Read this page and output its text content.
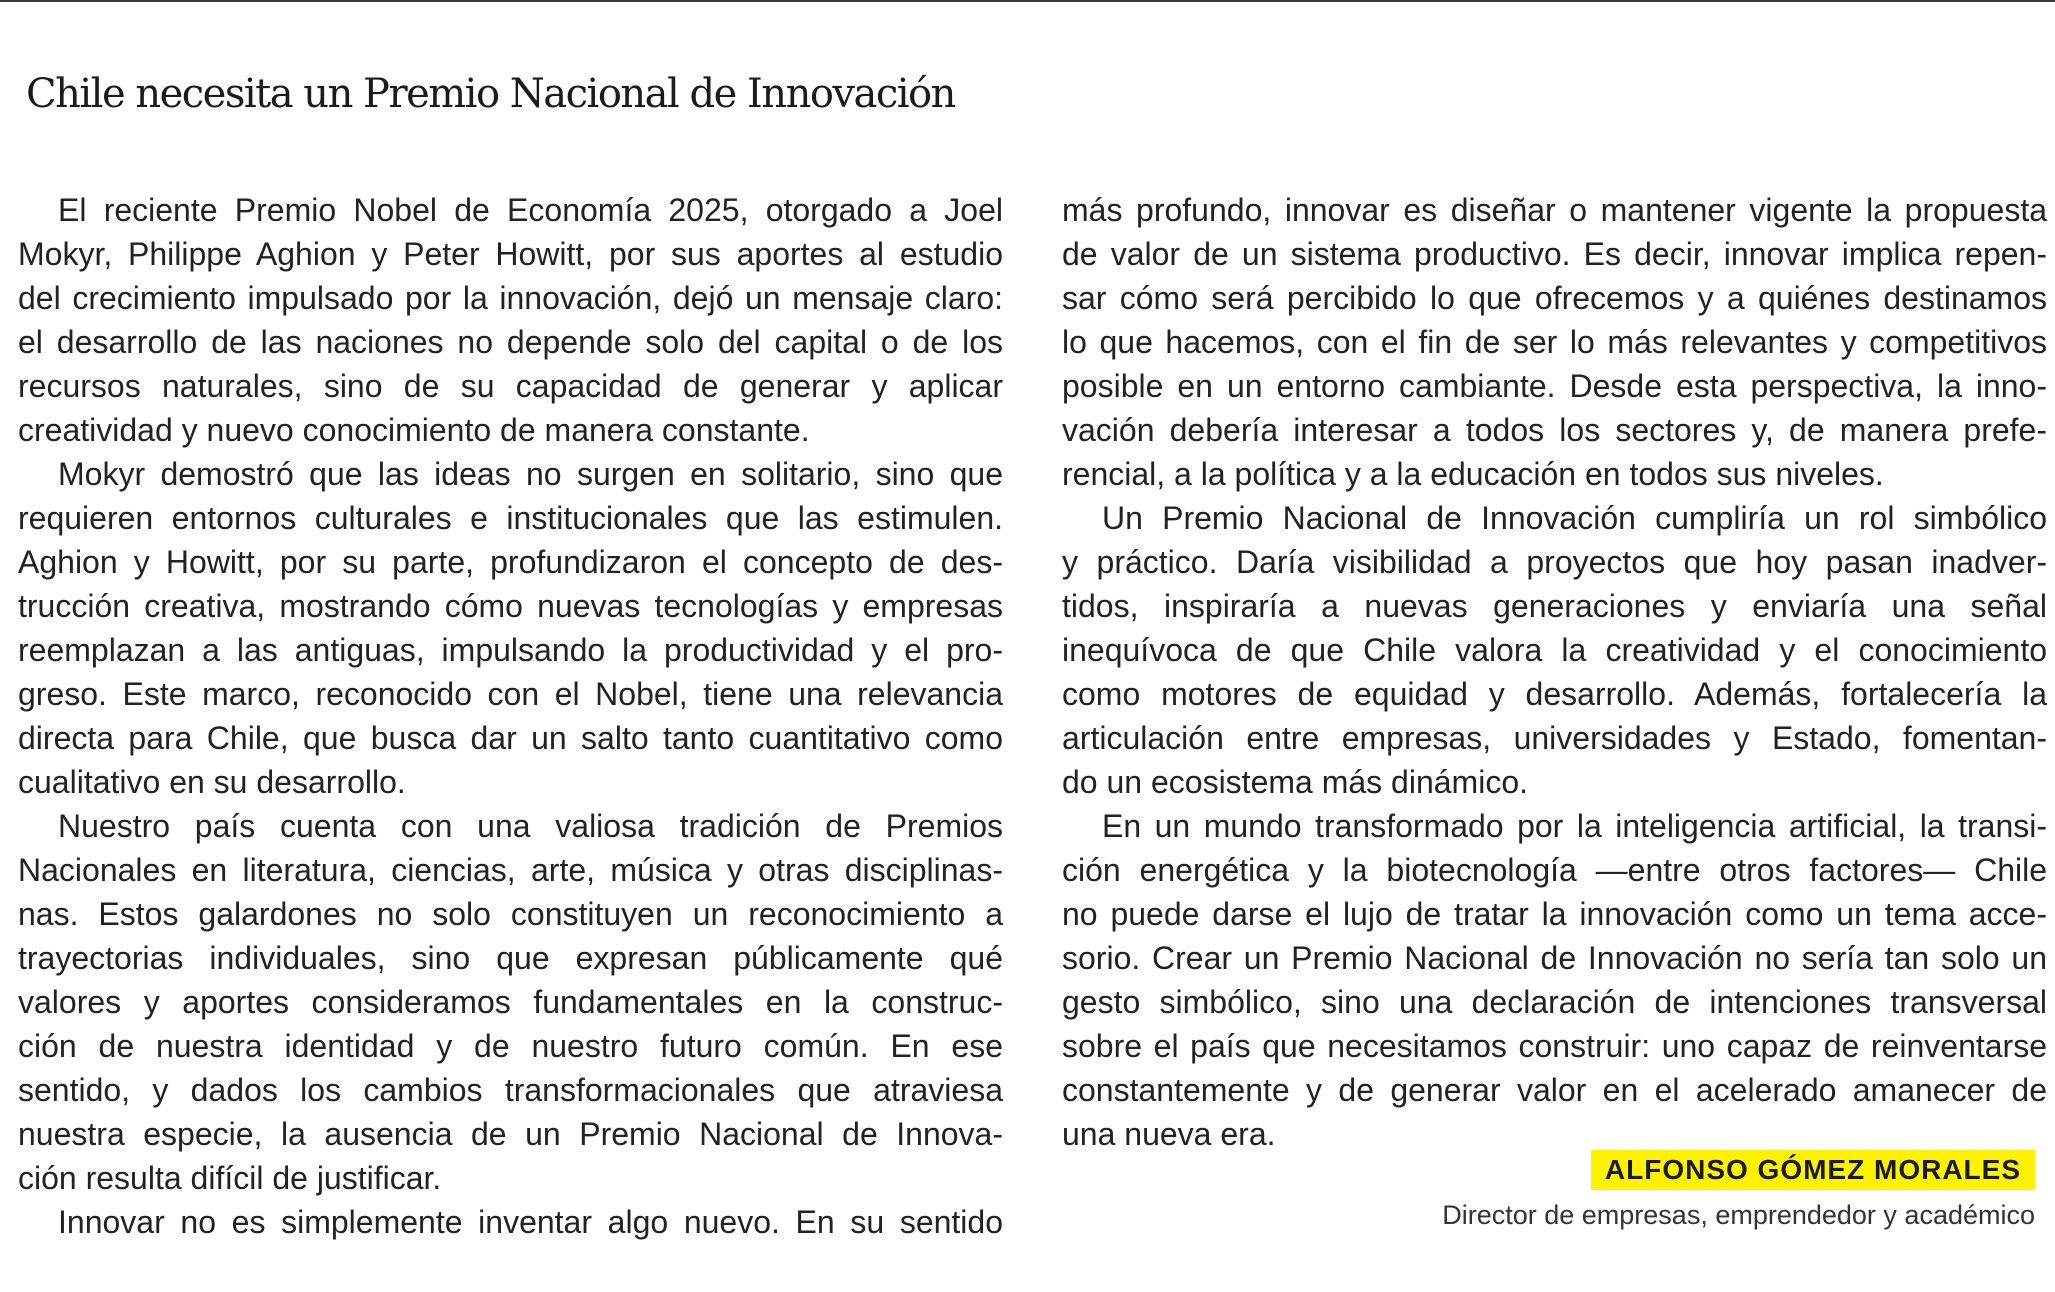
Chile necesita un Premio Nacional de Innovación
El reciente Premio Nobel de Economía 2025, otorgado a Joel
Mokyr, Philippe Aghion y Peter Howitt, por sus aportes al estudio
del crecimiento impulsado por la innovación, dejó un mensaje claro:
el desarrollo de las naciones no depende solo del capital o de los
recursos naturales, sino de su capacidad de generar y aplicar
creatividad y nuevo conocimiento de manera constante.
Mokyr demostró que las ideas no surgen en solitario, sino que
requieren entornos culturales e institucionales que las estimulen.
Aghion y Howitt, por su parte, profundizaron el concepto de des-
trucción creativa, mostrando cómo nuevas tecnologías y empresas
reemplazan a las antiguas, impulsando la productividad y el pro-
greso. Este marco, reconocido con el Nobel, tiene una relevancia
directa para Chile, que busca dar un salto tanto cuantitativo como
cualitativo en su desarrollo.
Nuestro país cuenta con una valiosa tradición de Premios
Nacionales en literatura, ciencias, arte, música y otras disciplinas-
nas. Estos galardones no solo constituyen un reconocimiento a
trayectorias individuales, sino que expresan públicamente qué
valores y aportes consideramos fundamentales en la construc-
ción de nuestra identidad y de nuestro futuro común. En ese
sentido, y dados los cambios transformacionales que atraviesa
nuestra especie, la ausencia de un Premio Nacional de Innova-
ción resulta difícil de justificar.
Innovar no es simplemente inventar algo nuevo. En su sentido
más profundo, innovar es diseñar o mantener vigente la propuesta
de valor de un sistema productivo. Es decir, innovar implica repen-
sar cómo será percibido lo que ofrecemos y a quiénes destinamos
lo que hacemos, con el fin de ser lo más relevantes y competitivos
posible en un entorno cambiante. Desde esta perspectiva, la inno-
vación debería interesar a todos los sectores y, de manera prefe-
rencial, a la política y a la educación en todos sus niveles.
Un Premio Nacional de Innovación cumpliría un rol simbólico
y práctico. Daría visibilidad a proyectos que hoy pasan inadver-
tidos, inspiraría a nuevas generaciones y enviaría una señal
inequívoca de que Chile valora la creatividad y el conocimiento
como motores de equidad y desarrollo. Además, fortalecería la
articulación entre empresas, universidades y Estado, fomentan-
do un ecosistema más dinámico.
En un mundo transformado por la inteligencia artificial, la transi-
ción energética y la biotecnología —entre otros factores— Chile
no puede darse el lujo de tratar la innovación como un tema acce-
sorio. Crear un Premio Nacional de Innovación no sería tan solo un
gesto simbólico, sino una declaración de intenciones transversal
sobre el país que necesitamos construir: uno capaz de reinventarse
constantemente y de generar valor en el acelerado amanecer de
una nueva era.
ALFONSO GÓMEZ MORALES
Director de empresas, emprendedor y académico
